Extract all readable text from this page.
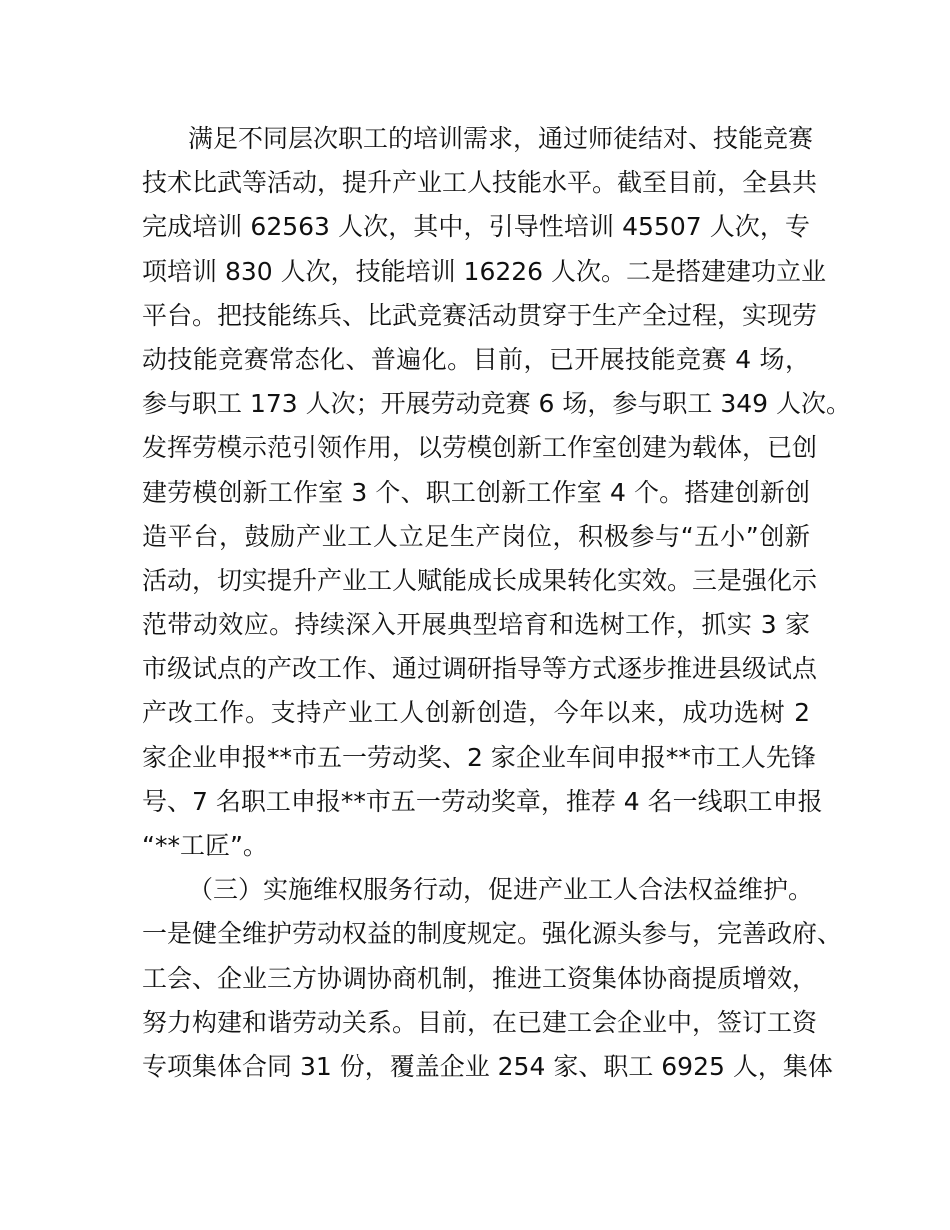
满足不同层次职工的培训需求，通过师徒结对、技能竞赛
技术比武等活动，提升产业工人技能水平。截至目前，全县共
完成培训 62563 人次，其中，引导性培训 45507 人次，专
项培训 830 人次，技能培训 16226 人次。二是搭建建功立业
平台。把技能练兵、比武竞赛活动贯穿于生产全过程，实现劳
动技能竞赛常态化、普遍化。目前，已开展技能竞赛 4 场，
参与职工 173 人次；开展劳动竞赛 6 场，参与职工 349 人次。
发挥劳模示范引领作用，以劳模创新工作室创建为载体，已创
建劳模创新工作室 3 个、职工创新工作室 4 个。搭建创新创
造平台，鼓励产业工人立足生产岗位，积极参与“五小”创新
活动，切实提升产业工人赋能成长成果转化实效。三是强化示
范带动效应。持续深入开展典型培育和选树工作，抓实 3 家
市级试点的产改工作、通过调研指导等方式逐步推进县级试点
产改工作。支持产业工人创新创造，今年以来，成功选树 2
家企业申报**市五一劳动奖、2 家企业车间申报**市工人先锋
号、7 名职工申报**市五一劳动奖章，推荐 4 名一线职工申报
“**工匠”。
（三）实施维权服务行动，促进产业工人合法权益维护。
一是健全维护劳动权益的制度规定。强化源头参与，完善政府、
工会、企业三方协调协商机制，推进工资集体协商提质增效，
努力构建和谐劳动关系。目前，在已建工会企业中，签订工资
专项集体合同 31 份，覆盖企业 254 家、职工 6925 人，集体
